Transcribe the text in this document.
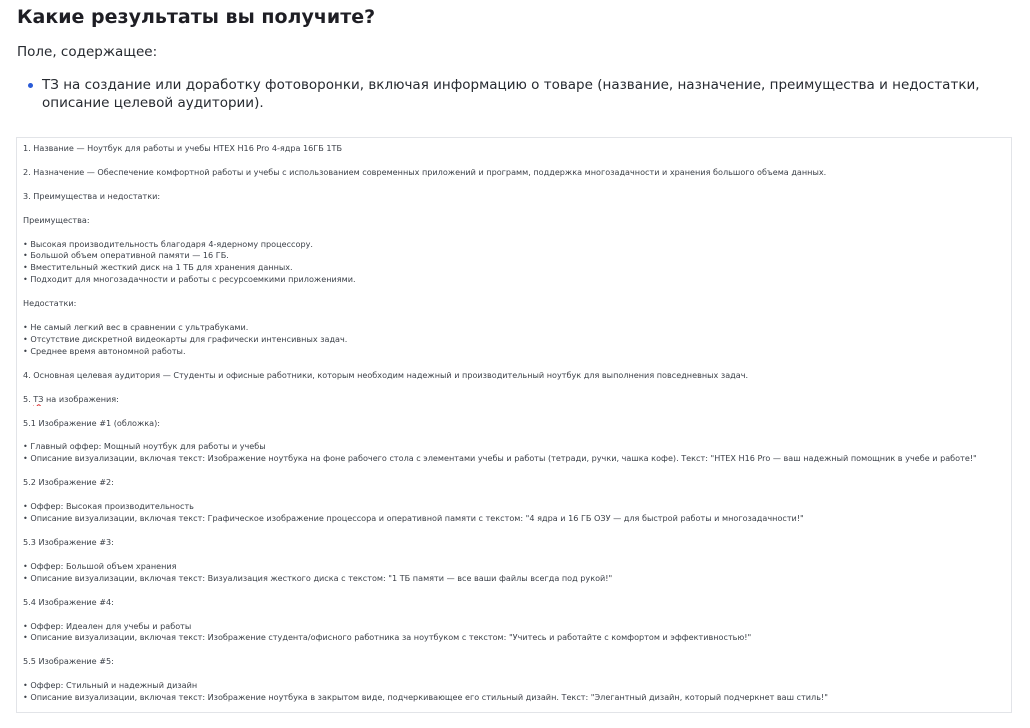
Какие результаты вы получите?

Поле, содержащее:

ТЗ на создание или доработку фотоворонки, включая информацию о товаре (название, назначение, преимущества и недостатки, описание целевой аудитории).
1. Название — Ноутбук для работы и учебы HTEX H16 Pro 4-ядра 16ГБ 1ТБ
2. Назначение — Обеспечение комфортной работы и учебы с использованием современных приложений и программ, поддержка многозадачности и хранения большого объема данных.
3. Преимущества и недостатки:
Преимущества:
• Высокая производительность благодаря 4-ядерному процессору.
• Большой объем оперативной памяти — 16 ГБ.
• Вместительный жесткий диск на 1 ТБ для хранения данных.
• Подходит для многозадачности и работы с ресурсоемкими приложениями.
Недостатки:
• Не самый легкий вес в сравнении с ультрабуками.
• Отсутствие дискретной видеокарты для графически интенсивных задач.
• Среднее время автономной работы.
4. Основная целевая аудитория — Студенты и офисные работники, которым необходим надежный и производительный ноутбук для выполнения повседневных задач.
5. ТЗ на изображения:
5.1 Изображение #1 (обложка):
• Главный оффер: Мощный ноутбук для работы и учебы
• Описание визуализации, включая текст: Изображение ноутбука на фоне рабочего стола с элементами учебы и работы (тетради, ручки, чашка кофе). Текст: "HTEX H16 Pro — ваш надежный помощник в учебе и работе!"
5.2 Изображение #2:
• Оффер: Высокая производительность
• Описание визуализации, включая текст: Графическое изображение процессора и оперативной памяти с текстом: "4 ядра и 16 ГБ ОЗУ — для быстрой работы и многозадачности!"
5.3 Изображение #3:
• Оффер: Большой объем хранения
• Описание визуализации, включая текст: Визуализация жесткого диска с текстом: "1 ТБ памяти — все ваши файлы всегда под рукой!"
5.4 Изображение #4:
• Оффер: Идеален для учебы и работы
• Описание визуализации, включая текст: Изображение студента/офисного работника за ноутбуком с текстом: "Учитесь и работайте с комфортом и эффективностью!"
5.5 Изображение #5:
• Оффер: Стильный и надежный дизайн
• Описание визуализации, включая текст: Изображение ноутбука в закрытом виде, подчеркивающее его стильный дизайн. Текст: "Элегантный дизайн, который подчеркнет ваш стиль!"
